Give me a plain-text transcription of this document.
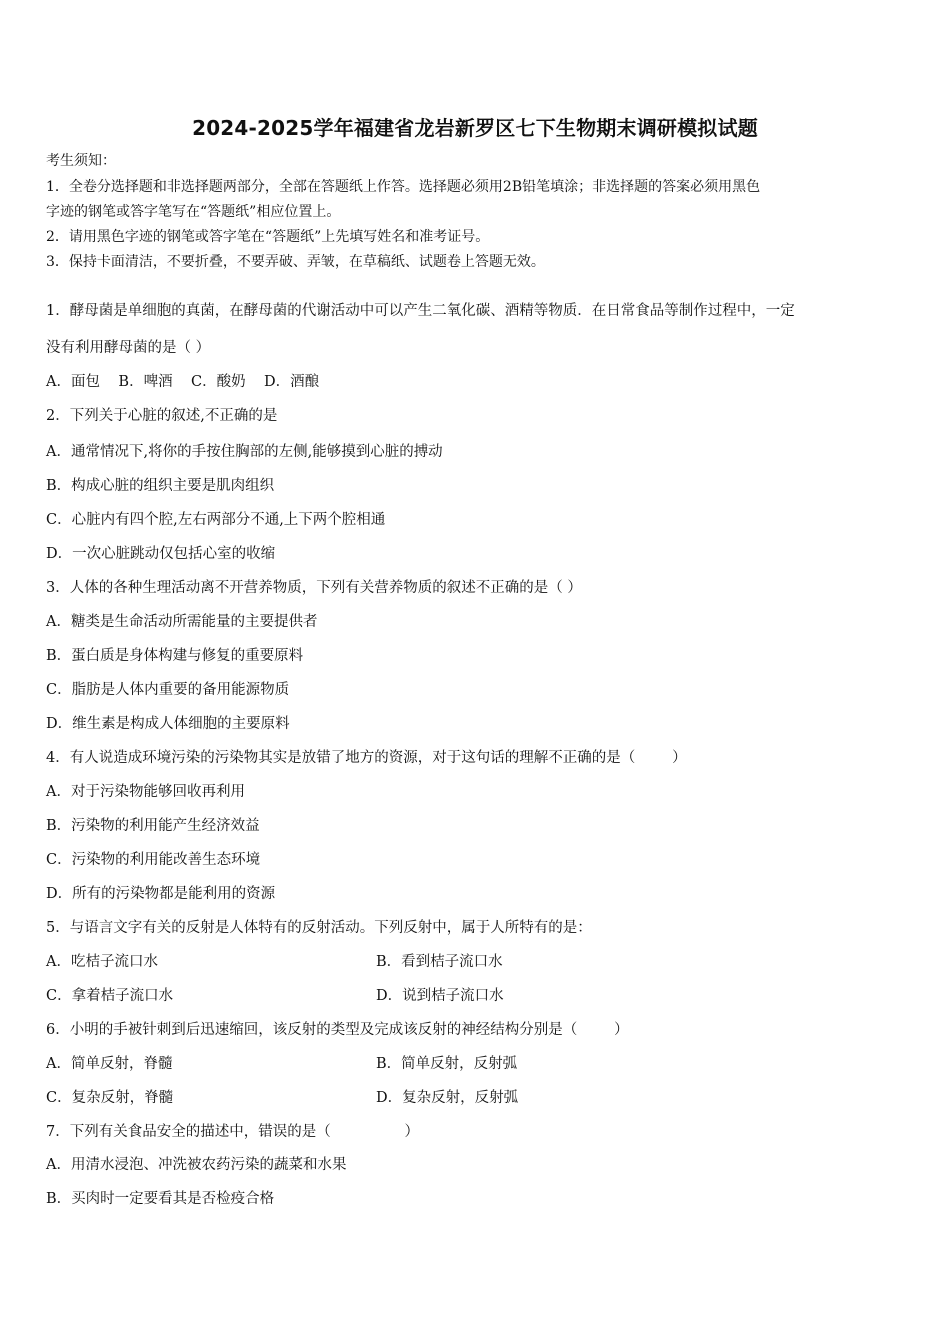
2024-2025学年福建省龙岩新罗区七下生物期末调研模拟试题
考生须知：
1．全卷分选择题和非选择题两部分，全部在答题纸上作答。选择题必须用2B铅笔填涂；非选择题的答案必须用黑色
字迹的钢笔或答字笔写在“答题纸”相应位置上。
2．请用黑色字迹的钢笔或答字笔在“答题纸”上先填写姓名和准考证号。
3．保持卡面清洁，不要折叠，不要弄破、弄皱，在草稿纸、试题卷上答题无效。
1．酵母菌是单细胞的真菌，在酵母菌的代谢活动中可以产生二氧化碳、酒精等物质．在日常食品等制作过程中，一定
没有利用酵母菌的是（ ）
A．面包    B．啤酒    C．酸奶    D．酒酿
2．下列关于心脏的叙述,不正确的是
A．通常情况下,将你的手按住胸部的左侧,能够摸到心脏的搏动
B．构成心脏的组织主要是肌肉组织
C．心脏内有四个腔,左右两部分不通,上下两个腔相通
D．一次心脏跳动仅包括心室的收缩
3．人体的各种生理活动离不开营养物质，下列有关营养物质的叙述不正确的是（ ）
A．糖类是生命活动所需能量的主要提供者
B．蛋白质是身体构建与修复的重要原料
C．脂肪是人体内重要的备用能源物质
D．维生素是构成人体细胞的主要原料
4．有人说造成环境污染的污染物其实是放错了地方的资源，对于这句话的理解不正确的是（        ）
A．对于污染物能够回收再利用
B．污染物的利用能产生经济效益
C．污染物的利用能改善生态环境
D．所有的污染物都是能利用的资源
5．与语言文字有关的反射是人体特有的反射活动。下列反射中，属于人所特有的是：
A．吃桔子流口水	B．看到桔子流口水
C．拿着桔子流口水	D．说到桔子流口水
6．小明的手被针刺到后迅速缩回，该反射的类型及完成该反射的神经结构分别是（        ）
A．简单反射，脊髓	B．简单反射，反射弧
C．复杂反射，脊髓	D．复杂反射，反射弧
7．下列有关食品安全的描述中，错误的是（                ）
A．用清水浸泡、冲洗被农药污染的蔬菜和水果
B．买肉时一定要看其是否检疫合格
